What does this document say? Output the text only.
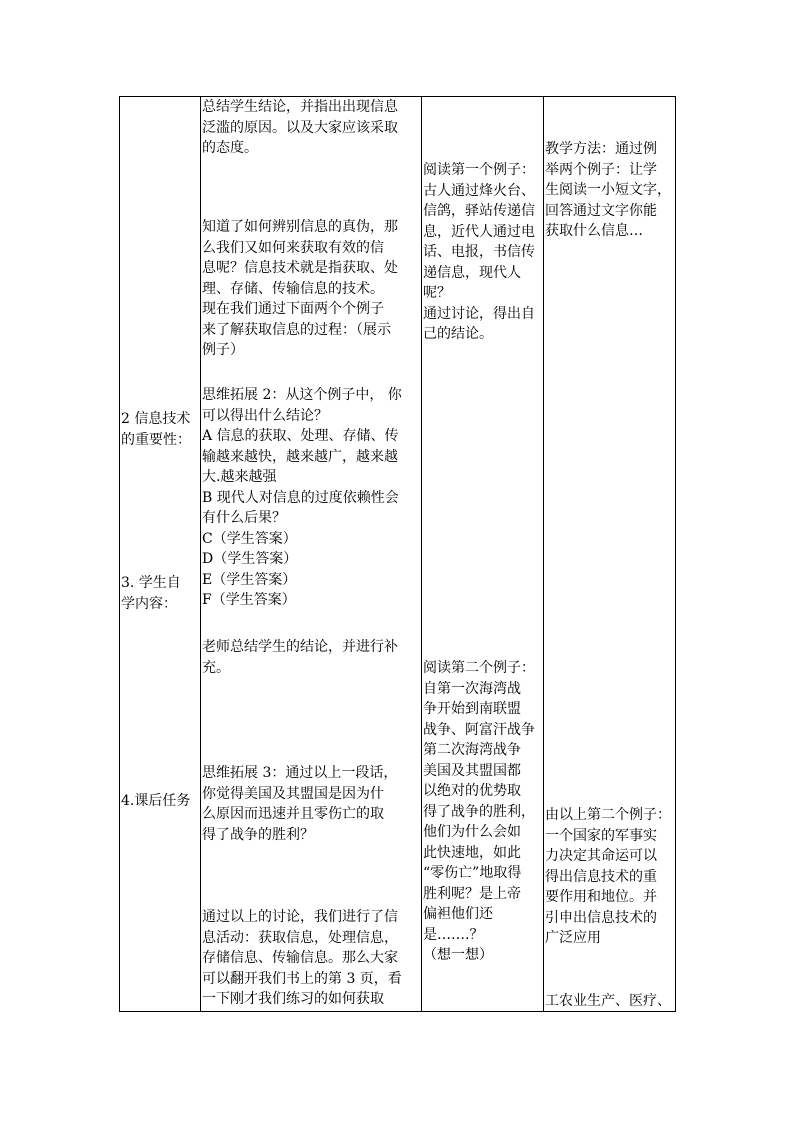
2 信息技术
的重要性：
3. 学生自
学内容：
4.课后任务
总结学生结论，并指出出现信息
泛滥的原因。以及大家应该采取
的态度。
知道了如何辨别信息的真伪，那
么我们又如何来获取有效的信
息呢？信息技术就是指获取、处
理、存储、传输信息的技术。
现在我们通过下面两个个例子
来了解获取信息的过程：（展示
例子）
思维拓展 2：从这个例子中， 你
可以得出什么结论？
A 信息的获取、处理、存储、传
输越来越快，越来越广，越来越
大.越来越强
B 现代人对信息的过度依赖性会
有什么后果？
C（学生答案）
D（学生答案）
E（学生答案）
F（学生答案）
老师总结学生的结论，并进行补
充。
思维拓展 3：通过以上一段话，
你觉得美国及其盟国是因为什
么原因而迅速并且零伤亡的取
得了战争的胜利？
通过以上的讨论，我们进行了信
息活动：获取信息，处理信息，
存储信息、传输信息。那么大家
可以翻开我们书上的第 3 页，看
一下刚才我们练习的如何获取
阅读第一个例子：
古人通过烽火台、
信鸽，驿站传递信
息，近代人通过电
话、电报，书信传
递信息，现代人
呢？
通过讨论，得出自
己的结论。
阅读第二个例子：
自第一次海湾战
争开始到南联盟
战争、阿富汗战争
第二次海湾战争
美国及其盟国都
以绝对的优势取
得了战争的胜利，
他们为什么会如
此快速地，如此
“零伤亡”地取得
胜利呢？是上帝
偏袒他们还
是…….？
（想一想）
教学方法：通过例
举两个例子：让学
生阅读一小短文字，
回答通过文字你能
获取什么信息…
由以上第二个例子：
一个国家的军事实
力决定其命运可以
得出信息技术的重
要作用和地位。并
引申出信息技术的
广泛应用
工农业生产、医疗、
